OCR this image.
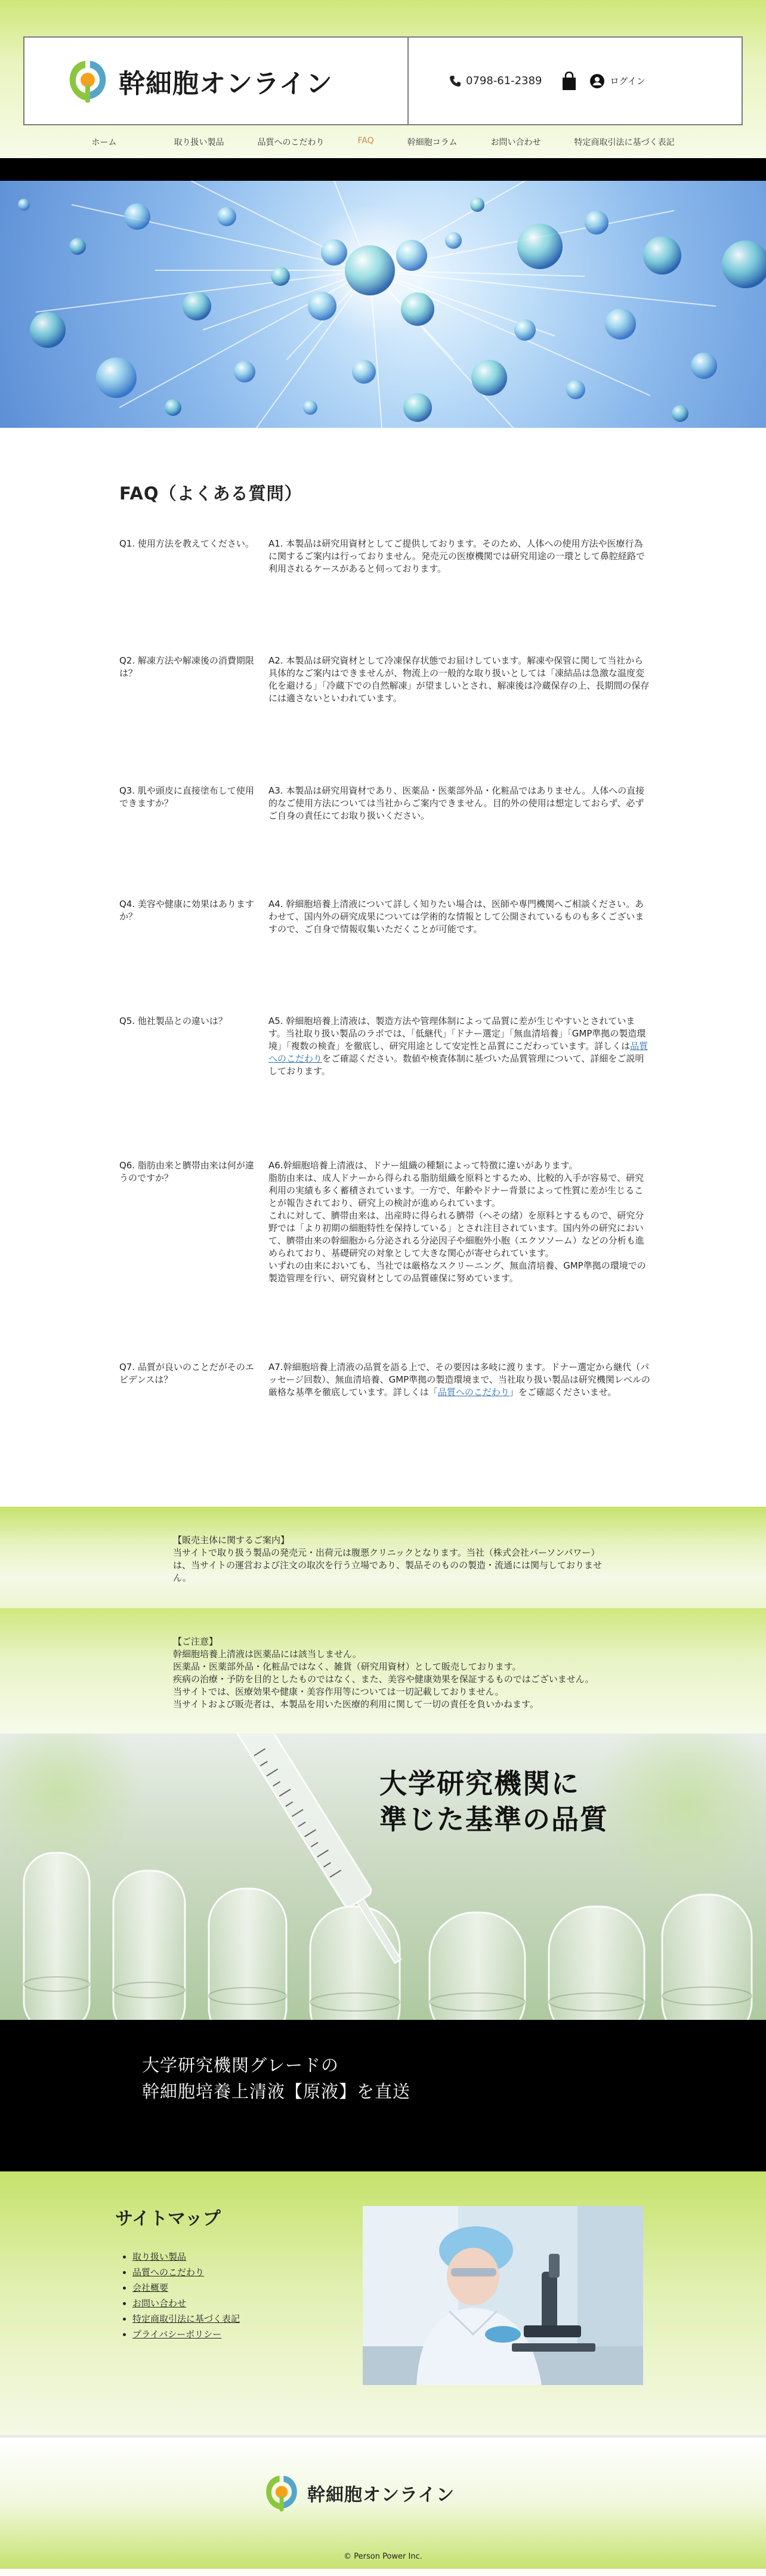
幹細胞オンライン	0798-61-2389	ログイン
ホーム	取り扱い製品	品質へのこだわり	FAQ	幹細胞コラム	お問い合わせ	特定商取引法に基づく表記
FAQ（よくある質問）
Q1. 使用方法を教えてください。	A1. 本製品は研究用資材としてご提供しております。そのため、人体への使用方法や医療行為に関するご案内は行っておりません。発売元の医療機関では研究用途の一環として鼻腔経路で利用されるケースがあると伺っております。
Q2. 解凍方法や解凍後の消費期限は？
A2. 本製品は研究資材として冷凍保存状態でお届けしています。解凍や保管に関して当社から具体的なご案内はできませんが、物流上の一般的な取り扱いとしては「凍結品は急激な温度変化を避ける」「冷蔵下での自然解凍」が望ましいとされ、解凍後は冷蔵保存の上、長期間の保存には適さないといわれています。
Q3. 肌や頭皮に直接塗布して使用できますか？
A3. 本製品は研究用資材であり、医薬品・医薬部外品・化粧品ではありません。人体への直接的なご使用方法については当社からご案内できません。目的外の使用は想定しておらず、必ずご自身の責任にてお取り扱いください。
Q4. 美容や健康に効果はありますか？
A4. 幹細胞培養上清液について詳しく知りたい場合は、医師や専門機関へご相談ください。あわせて、国内外の研究成果については学術的な情報として公開されているものも多くございますので、ご自身で情報収集いただくことが可能です。
Q5. 他社製品との違いは？	A5. 幹細胞培養上清液は、製造方法や管理体制によって品質に差が生じやすいとされています。当社取り扱い製品のラボでは、「低継代」「ドナー選定」「無血清培養」「GMP準拠の製造環境」「複数の検査」を徹底し、研究用途として安定性と品質にこだわっています。詳しくは品質へのこだわりをご確認ください。数値や検査体制に基づいた品質管理について、詳細をご説明しております。
Q6. 脂肪由来と臍帯由来は何が違うのですか？
A6.幹細胞培養上清液は、ドナー組織の種類によって特徴に違いがあります。
脂肪由来は、成人ドナーから得られる脂肪組織を原料とするため、比較的入手が容易で、研究利用の実績も多く蓄積されています。一方で、年齢やドナー背景によって性質に差が生じることが報告されており、研究上の検討が進められています。
これに対して、臍帯由来は、出産時に得られる臍帯（へその緒）を原料とするもので、研究分野では「より初期の細胞特性を保持している」とされ注目されています。国内外の研究において、臍帯由来の幹細胞から分泌される分泌因子や細胞外小胞（エクソソーム）などの分析も進められており、基礎研究の対象として大きな関心が寄せられています。
いずれの由来においても、当社では厳格なスクリーニング、無血清培養、GMP準拠の環境での製造管理を行い、研究資材としての品質確保に努めています。
Q7. 品質が良いのことだがそのエビデンスは？
A7.幹細胞培養上清液の品質を語る上で、その要因は多岐に渡ります。ドナー選定から継代（パッセージ回数）、無血清培養、GMP準拠の製造環境まで、当社取り扱い製品は研究機関レベルの厳格な基準を徹底しています。詳しくは「品質へのこだわり」をご確認くださいませ。

【販売主体に関するご案内】
当サイトで取り扱う製品の発売元・出荷元は腹悪クリニックとなります。当社（株式会社パーソンパワー）は、当サイトの運営および注文の取次を行う立場であり、製品そのものの製造・流通には関与しておりません。

【ご注意】
幹細胞培養上清液は医薬品には該当しません。
医薬品・医薬部外品・化粧品ではなく、雑貨（研究用資材）として販売しております。
疾病の治療・予防を目的としたものではなく、また、美容や健康効果を保証するものではございません。
当サイトでは、医療効果や健康・美容作用等については一切記載しておりません。
当サイトおよび販売者は、本製品を用いた医療的利用に関して一切の責任を負いかねます。

大学研究機関に
準じた基準の品質
大学研究機関グレードの
幹細胞培養上清液【原液】を直送
サイトマップ
• 取り扱い製品
• 品質へのこだわり
• 会社概要
• お問い合わせ
• 特定商取引法に基づく表記
• プライバシーポリシー
幹細胞オンライン
© Person Power Inc.
